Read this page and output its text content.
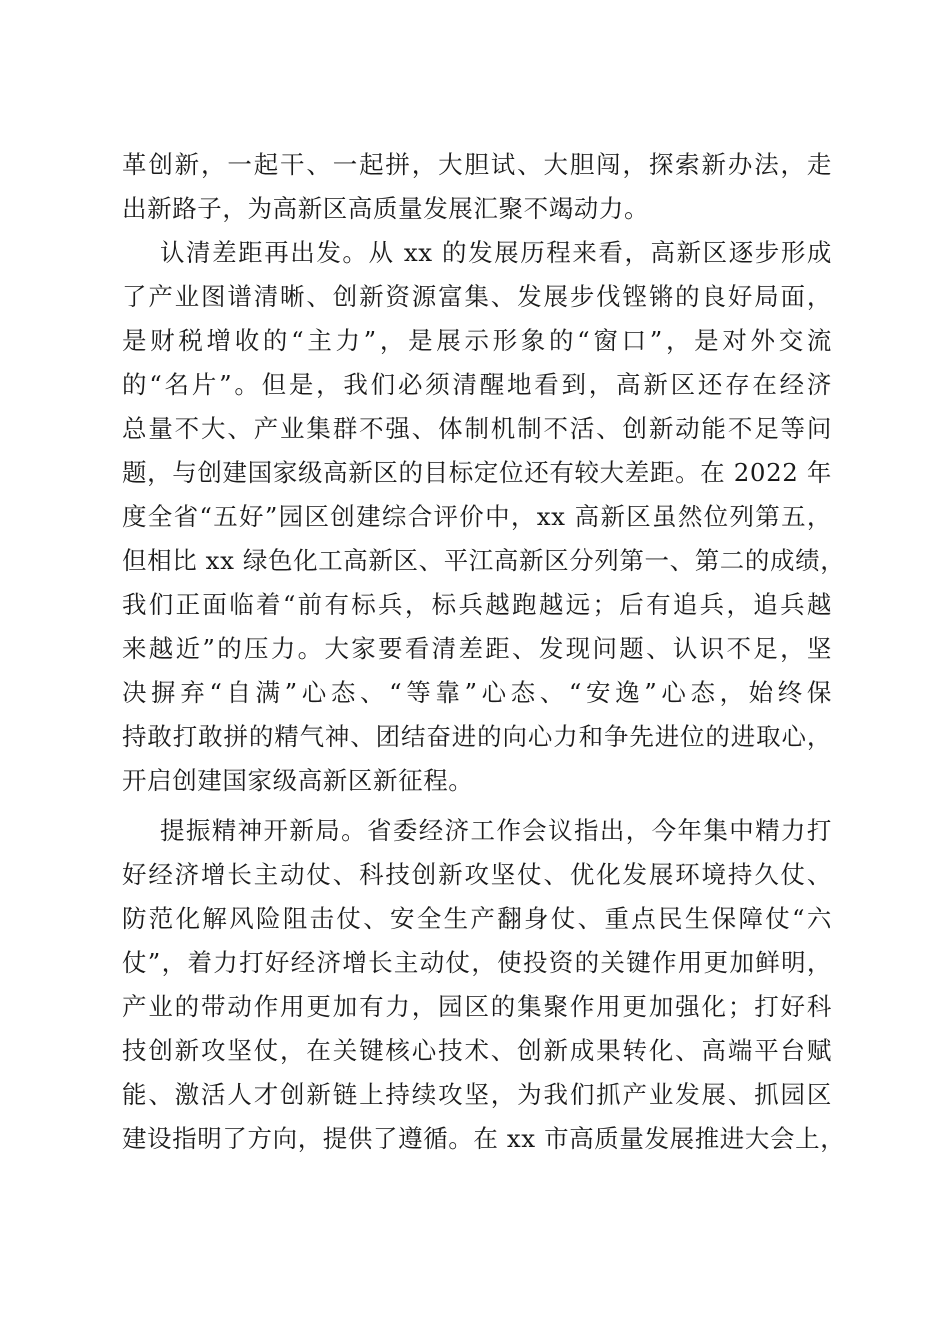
革创新，一起干、一起拼，大胆试、大胆闯，探索新办法，走
出新路子，为高新区高质量发展汇聚不竭动力。
认清差距再出发。从 xx 的发展历程来看，高新区逐步形成
了产业图谱清晰、创新资源富集、发展步伐铿锵的良好局面，
是财税增收的“主力”，是展示形象的“窗口”，是对外交流
的“名片”。但是，我们必须清醒地看到，高新区还存在经济
总量不大、产业集群不强、体制机制不活、创新动能不足等问
题，与创建国家级高新区的目标定位还有较大差距。在 2022 年
度全省“五好”园区创建综合评价中，xx 高新区虽然位列第五，
但相比 xx 绿色化工高新区、平江高新区分列第一、第二的成绩，
我们正面临着“前有标兵，标兵越跑越远；后有追兵，追兵越
来越近”的压力。大家要看清差距、发现问题、认识不足，坚
决摒弃“自满”心态、“等靠”心态、“安逸”心态，始终保
持敢打敢拼的精气神、团结奋进的向心力和争先进位的进取心，
开启创建国家级高新区新征程。
提振精神开新局。省委经济工作会议指出，今年集中精力打
好经济增长主动仗、科技创新攻坚仗、优化发展环境持久仗、
防范化解风险阻击仗、安全生产翻身仗、重点民生保障仗“六
仗”，着力打好经济增长主动仗，使投资的关键作用更加鲜明，
产业的带动作用更加有力，园区的集聚作用更加强化；打好科
技创新攻坚仗，在关键核心技术、创新成果转化、高端平台赋
能、激活人才创新链上持续攻坚，为我们抓产业发展、抓园区
建设指明了方向，提供了遵循。在 xx 市高质量发展推进大会上，
